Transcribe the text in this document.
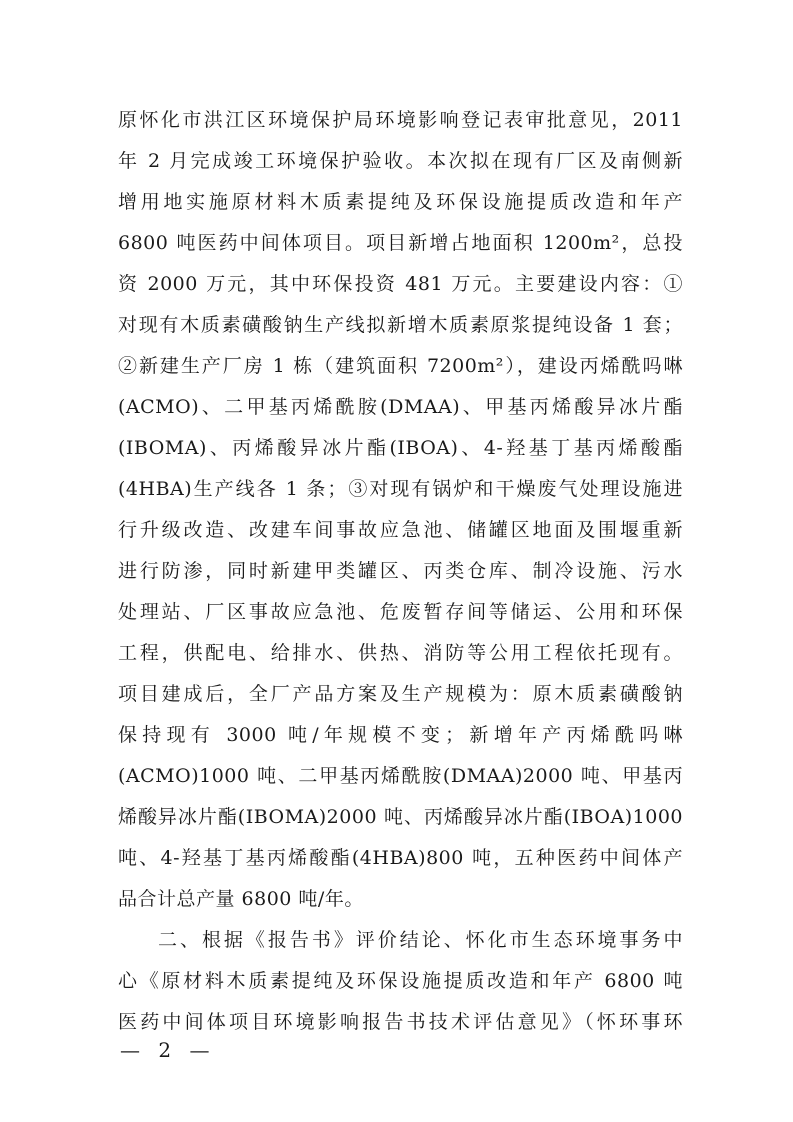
原怀化市洪江区环境保护局环境影响登记表审批意见，2011
年 2 月完成竣工环境保护验收。本次拟在现有厂区及南侧新
增用地实施原材料木质素提纯及环保设施提质改造和年产
6800 吨医药中间体项目。项目新增占地面积 1200m²，总投
资 2000 万元，其中环保投资 481 万元。主要建设内容：①
对现有木质素磺酸钠生产线拟新增木质素原浆提纯设备 1 套；
②新建生产厂房 1 栋（建筑面积 7200m²），建设丙烯酰吗啉
(ACMO)、二甲基丙烯酰胺(DMAA)、甲基丙烯酸异冰片酯
(IBOMA)、丙烯酸异冰片酯(IBOA)、4-羟基丁基丙烯酸酯
(4HBA)生产线各 1 条；③对现有锅炉和干燥废气处理设施进
行升级改造、改建车间事故应急池、储罐区地面及围堰重新
进行防渗，同时新建甲类罐区、丙类仓库、制冷设施、污水
处理站、厂区事故应急池、危废暂存间等储运、公用和环保
工程，供配电、给排水、供热、消防等公用工程依托现有。
项目建成后，全厂产品方案及生产规模为：原木质素磺酸钠
保持现有 3000 吨/年规模不变；新增年产丙烯酰吗啉
(ACMO)1000 吨、二甲基丙烯酰胺(DMAA)2000 吨、甲基丙
烯酸异冰片酯(IBOMA)2000 吨、丙烯酸异冰片酯(IBOA)1000
吨、4-羟基丁基丙烯酸酯(4HBA)800 吨，五种医药中间体产
品合计总产量 6800 吨/年。
二、根据《报告书》评价结论、怀化市生态环境事务中
心《原材料木质素提纯及环保设施提质改造和年产 6800 吨
医药中间体项目环境影响报告书技术评估意见》（怀环事环
— 2 —
